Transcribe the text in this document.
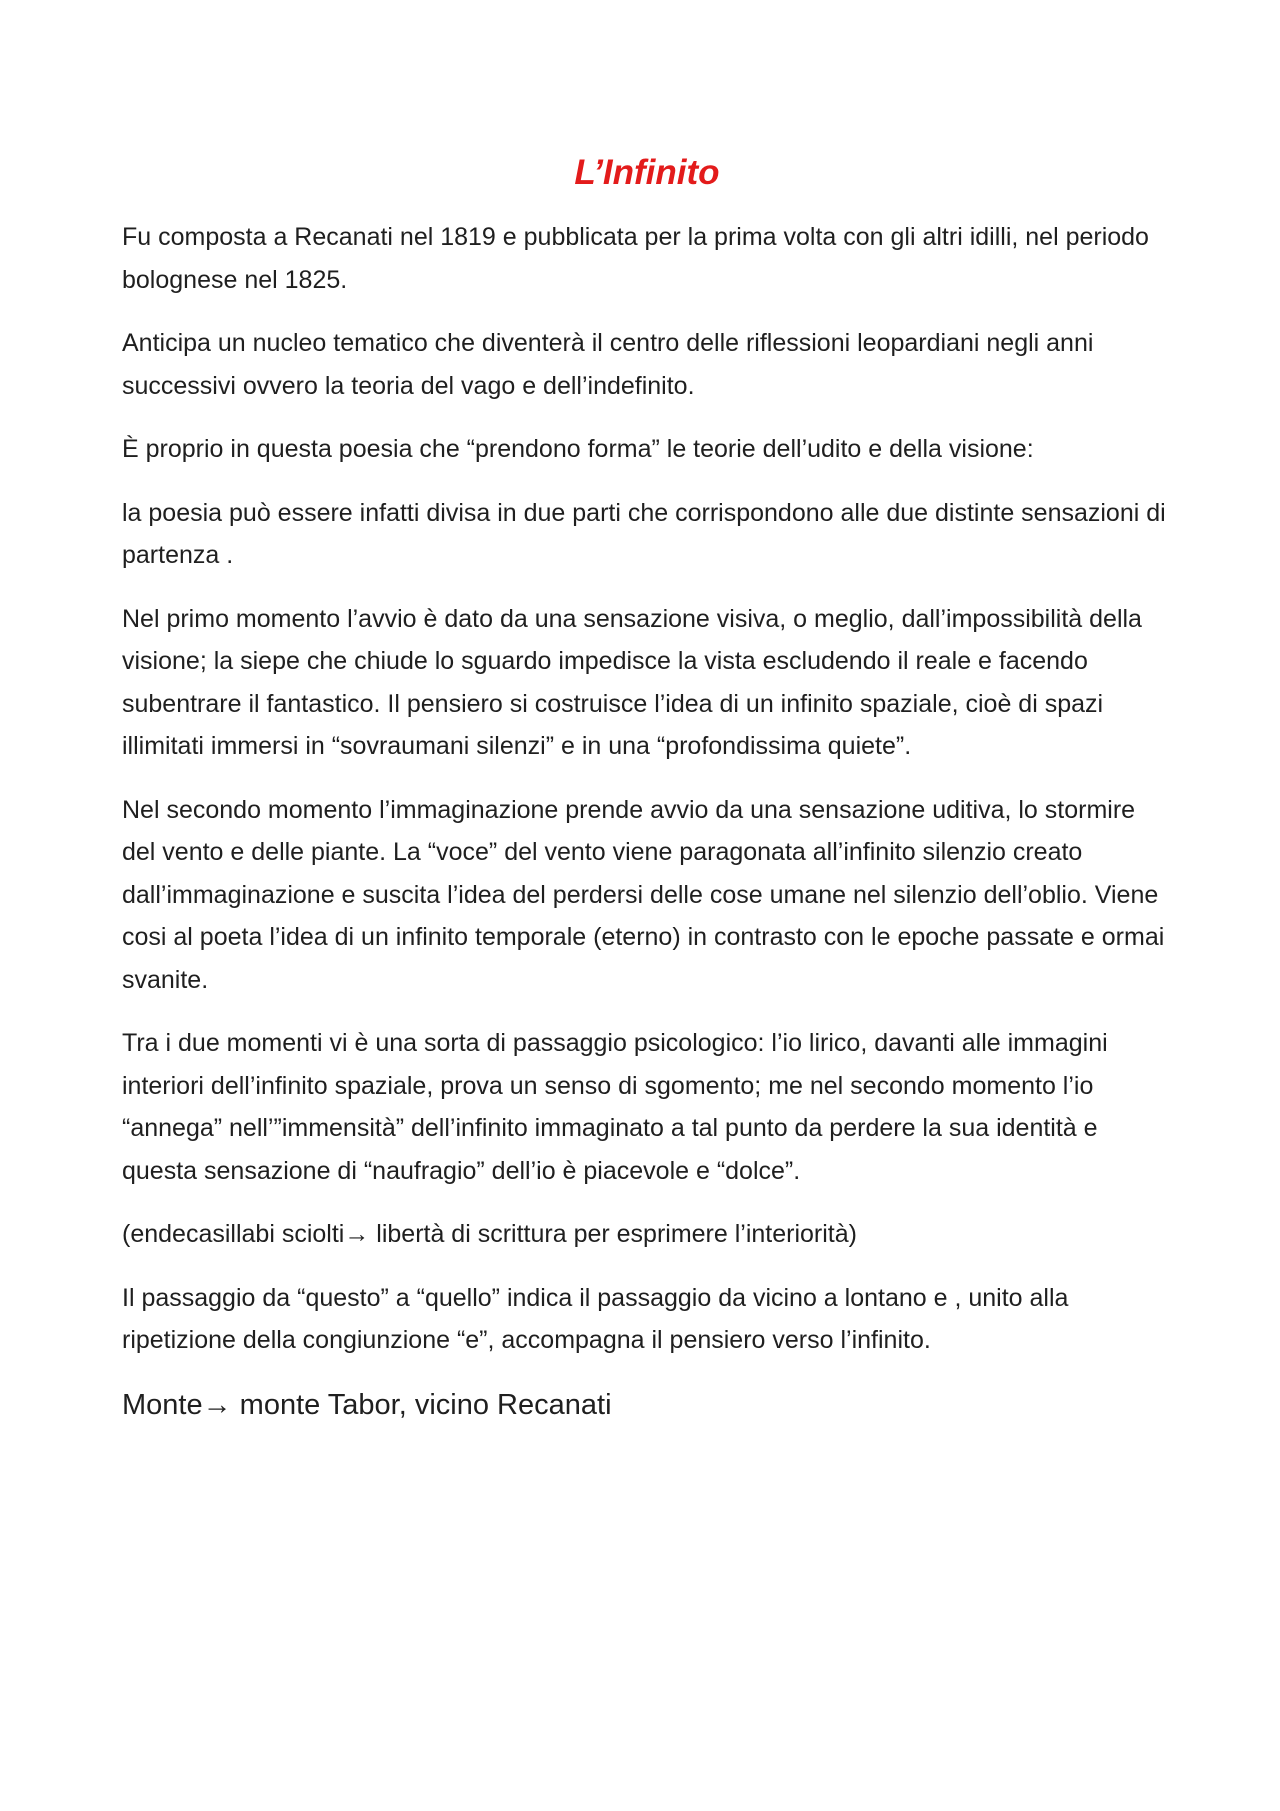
L’Infinito

Fu composta a Recanati nel 1819 e pubblicata per la prima volta con gli altri idilli, nel periodo bolognese nel 1825.

Anticipa un nucleo tematico che diventerà il centro delle riflessioni leopardiani negli anni successivi ovvero la teoria del vago e dell’indefinito.

È proprio in questa poesia che “prendono forma” le teorie dell’udito e della visione:

la poesia può essere infatti divisa in due parti che corrispondono alle due distinte sensazioni di partenza .

Nel primo momento l’avvio è dato da una sensazione visiva, o meglio, dall’impossibilità della visione; la siepe che chiude lo sguardo impedisce la vista escludendo il reale e facendo subentrare il fantastico. Il pensiero si costruisce l’idea di un infinito spaziale, cioè di spazi illimitati immersi in “sovraumani silenzi” e in una “profondissima quiete”.

Nel secondo momento l’immaginazione prende avvio da una sensazione uditiva, lo stormire del vento e delle piante. La “voce” del vento viene paragonata all’infinito silenzio creato dall’immaginazione e suscita l’idea del perdersi delle cose umane nel silenzio dell’oblio. Viene cosi al poeta l’idea di un infinito temporale (eterno) in contrasto con le epoche passate e ormai svanite.

Tra i due momenti vi è una sorta di passaggio psicologico: l’io lirico, davanti alle immagini interiori dell’infinito spaziale, prova un senso di sgomento; me nel secondo momento l’io “annega” nell’”immensità” dell’infinito immaginato a tal punto da perdere la sua identità e questa sensazione di “naufragio” dell’io è piacevole e “dolce”.

(endecasillabi sciolti→ libertà di scrittura per esprimere l’interiorità)

Il passaggio da “questo” a “quello” indica il passaggio da vicino a lontano e , unito alla ripetizione della congiunzione “e”, accompagna il pensiero verso l’infinito.

Monte→ monte Tabor, vicino Recanati
